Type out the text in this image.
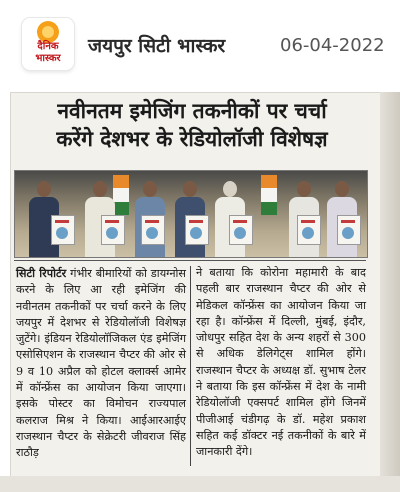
दैनिक
भास्कर
जयपुर सिटी भास्कर	06-04-2022
नवीनतम इमेजिंग तकनीकों पर चर्चा
करेंगे देशभर के रेडियोलॉजी विशेषज्ञ
सिटी रिपोर्टर गंभीर बीमारियों को डायग्नोस करने के लिए आ रही इमेजिंग की नवीनतम तकनीकों पर चर्चा करने के लिए जयपुर में देशभर से रेडियोलॉजी विशेषज्ञ जुटेंगे। इंडियन रेडियोलॉजिकल एंड इमेजिंग एसोसिएशन के राजस्थान चैप्टर की ओर से 9 व 10 अप्रैल को होटल क्लार्क्स आमेर में कॉन्फ्रेंस का आयोजन किया जाएगा। इसके पोस्टर का विमोचन राज्यपाल कलराज मिश्र ने किया। आईआरआईए राजस्थान चैप्टर के सेक्रेटरी जीवराज सिंह राठौड़
ने बताया कि कोरोना महामारी के बाद पहली बार राजस्थान चैप्टर की ओर से मेडिकल कॉन्फ्रेंस का आयोजन किया जा रहा है। कॉन्फ्रेंस में दिल्ली, मुंबई, इंदौर, जोधपुर सहित देश के अन्य शहरों से 300 से अधिक डेलिगेट्स शामिल होंगे। राजस्थान चैप्टर के अध्यक्ष डॉ. सुभाष टेलर ने बताया कि इस कॉन्फ्रेंस में देश के नामी रेडियोलॉजी एक्सपर्ट शामिल होंगे जिनमें पीजीआई चंडीगढ़ के डॉ. महेश प्रकाश सहित कई डॉक्टर नई तकनीकों के बारे में जानकारी देंगे।
